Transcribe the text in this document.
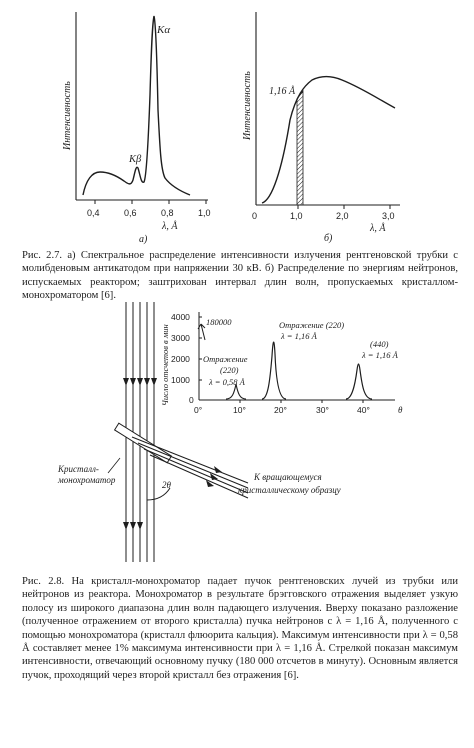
Интенсивность
Kα
Kβ
0,4	0,6	0,8	1,0
λ, Å
а)
Интенсивность 1,16 Å
0	1,0	2,0	3,0
λ, Å
б)
Рис. 2.7. а) Спектральное распределение интенсивности излучения рентгеновской трубки с молибденовым антикатодом при напряжении 30 кВ. б) Распределение по энергиям нейтронов, испускаемых реактором; заштрихован интервал длин волн, пропускаемых кристаллом-монохроматором [6].
4000
3000
2000
1000
0
Число отсчетов в мин
0°	10°	20°	30°	40°	θ
180000
Отражение
(220)
λ = 0,58 Å
Отражение (220)
λ = 1,16 Å
(440)
λ = 1,16 Å
2θ
Кристалл-
монохроматор	К вращающемуся
кристаллическому образцу
Рис. 2.8. На кристалл-монохроматор падает пучок рентгеновских лучей из трубки или нейтронов из реактора. Монохроматор в результате брэгговского отражения выделяет узкую полосу из широкого диапазона длин волн падающего излучения. Вверху показано разложение (полученное отражением от второго кристалла) пучка нейтронов с λ = 1,16 Å, полученного с помощью монохроматора (кристалл флюорита кальция). Максимум интенсивности при λ = 0,58 Å составляет менее 1% максимума интенсивности при λ = 1,16 Å. Стрелкой показан максимум интенсивности, отвечающий основному пучку (180 000 отсчетов в минуту). Основным является пучок, проходящий через второй кристалл без отражения [6].
